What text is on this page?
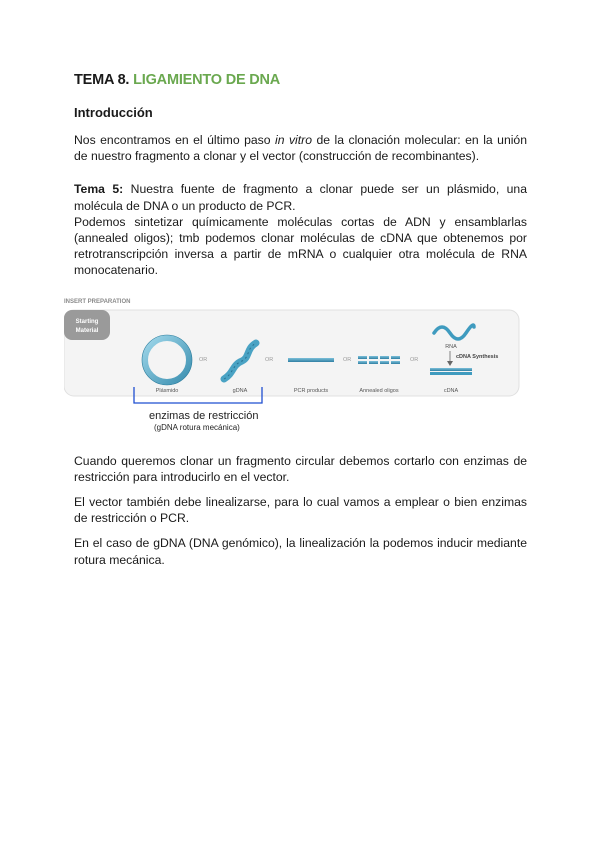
TEMA 8. LIGAMIENTO DE DNA
Introducción

Nos encontramos en el último paso in vitro de la clonación molecular: en la unión de nuestro fragmento a clonar y el vector (construcción de recombinantes).

Tema 5: Nuestra fuente de fragmento a clonar puede ser un plásmido, una molécula de DNA o un producto de PCR.

Podemos sintetizar químicamente moléculas cortas de ADN y ensamblarlas (annealed oligos); tmb podemos clonar moléculas de cDNA que obtenemos por retrotranscripción inversa a partir de mRNA o cualquier otra molécula de RNA monocatenario.

INSERT PREPARATION
Starting
Material
OR	OR	OR	OR
RNA
cDNA Synthesis
Plásmido	gDNA	PCR products	Annealed oligos	cDNA
enzimas de restricción
(gDNA rotura mecánica)

Cuando queremos clonar un fragmento circular debemos cortarlo con enzimas de restricción para introducirlo en el vector.

El vector también debe linealizarse, para lo cual vamos a emplear o bien enzimas de restricción o PCR.

En el caso de gDNA (DNA genómico), la linealización la podemos inducir mediante rotura mecánica.
